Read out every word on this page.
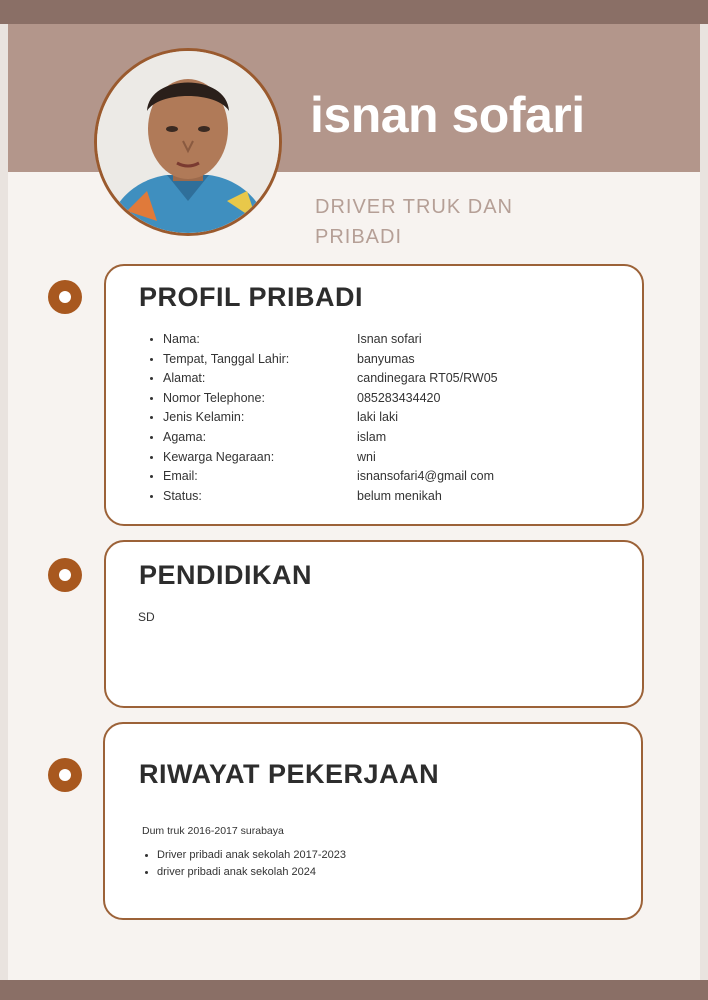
isnan sofari
DRIVER TRUK DAN PRIBADI
PROFIL PRIBADI
Nama:	Isnan sofari
Tempat, Tanggal Lahir:	banyumas
Alamat:	candinegara RT05/RW05
Nomor Telephone:	085283434420
Jenis Kelamin:	laki laki
Agama:	islam
Kewarga Negaraan:	wni
Email:	isnansofari4@gmail com
Status:	belum menikah
PENDIDIKAN
SD
RIWAYAT PEKERJAAN
Dum truk 2016-2017 surabaya
Driver pribadi anak sekolah 2017-2023
driver pribadi anak sekolah 2024
